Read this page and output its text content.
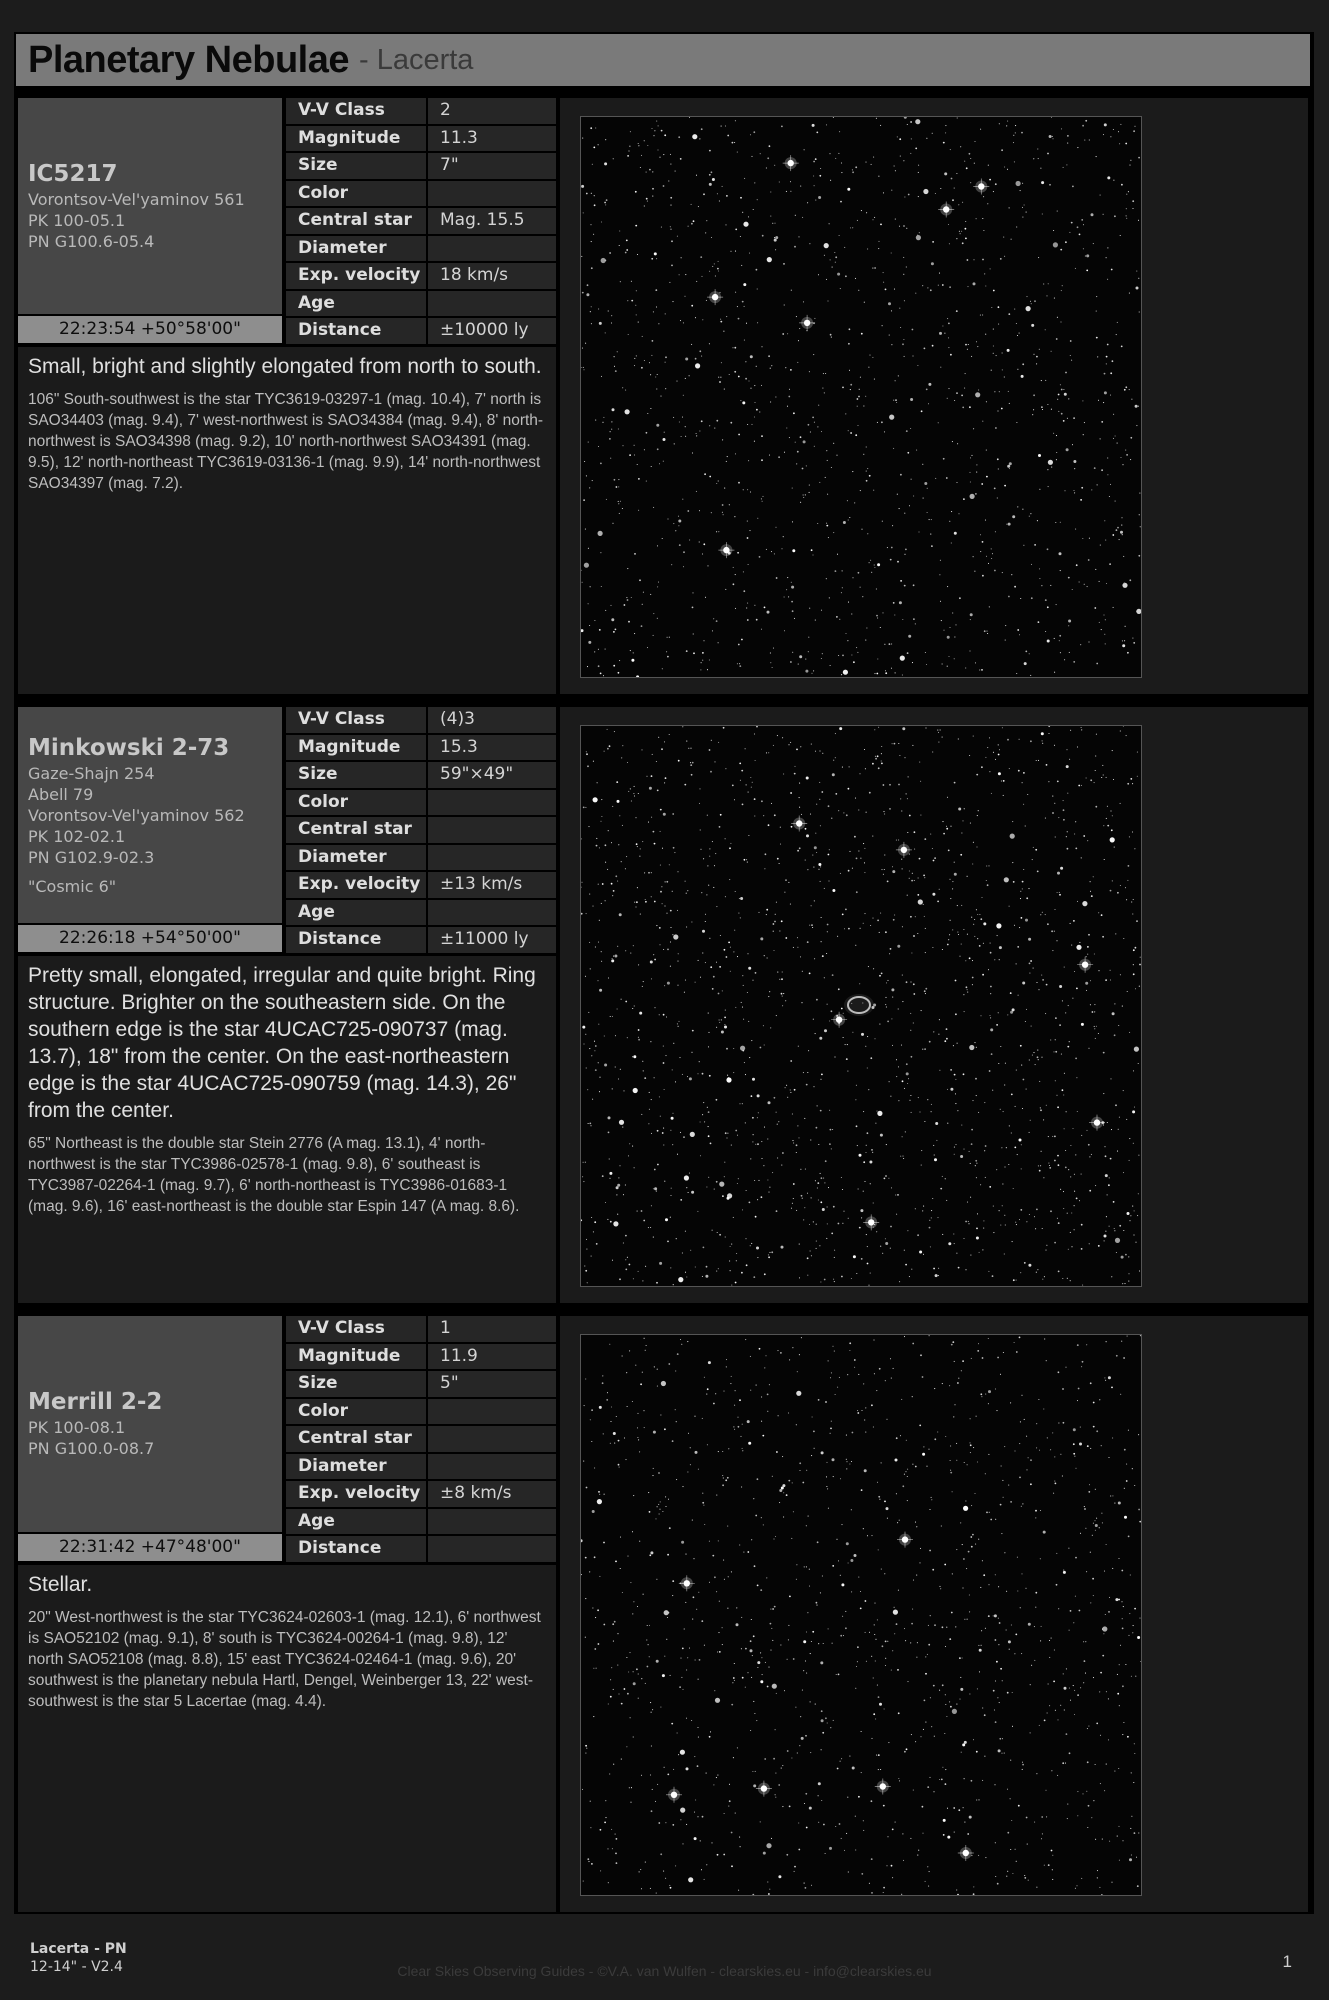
Planetary Nebulae - Lacerta
IC5217
Vorontsov-Vel'yaminov 561
PK 100-05.1
PN G100.6-05.4
22:23:54 +50°58'00"
V-V Class	2
Magnitude	11.3
Size	7"
Color
Central star	Mag. 15.5
Diameter
Exp. velocity	18 km/s
Age
Distance	±10000 ly

Small, bright and slightly elongated from north to south.

106" South-southwest is the star TYC3619-03297-1 (mag. 10.4), 7' north is SAO34403 (mag. 9.4), 7' west-northwest is SAO34384 (mag. 9.4), 8' north-northwest is SAO34398 (mag. 9.2), 10' north-northwest SAO34391 (mag. 9.5), 12' north-northeast TYC3619-03136-1 (mag. 9.9), 14' north-northwest SAO34397 (mag. 7.2).

Minkowski 2-73
Gaze-Shajn 254
Abell 79
Vorontsov-Vel'yaminov 562
PK 102-02.1
PN G102.9-02.3
"Cosmic 6"
22:26:18 +54°50'00"
V-V Class	(4)3
Magnitude	15.3
Size	59"×49"
Color
Central star
Diameter
Exp. velocity	±13 km/s
Age
Distance	±11000 ly

Pretty small, elongated, irregular and quite bright. Ring structure. Brighter on the southeastern side. On the southern edge is the star 4UCAC725-090737 (mag. 13.7), 18" from the center. On the east-northeastern edge is the star 4UCAC725-090759 (mag. 14.3), 26" from the center.

65" Northeast is the double star Stein 2776 (A mag. 13.1), 4' north-northwest is the star TYC3986-02578-1 (mag. 9.8), 6' southeast is TYC3987-02264-1 (mag. 9.7), 6' north-northeast is TYC3986-01683-1 (mag. 9.6), 16' east-northeast is the double star Espin 147 (A mag. 8.6).

Merrill 2-2
PK 100-08.1
PN G100.0-08.7
22:31:42 +47°48'00"
V-V Class	1
Magnitude	11.9
Size	5"
Color
Central star
Diameter
Exp. velocity	±8 km/s
Age
Distance

Stellar.

20" West-northwest is the star TYC3624-02603-1 (mag. 12.1), 6' northwest is SAO52102 (mag. 9.1), 8' south is TYC3624-00264-1 (mag. 9.8), 12' north SAO52108 (mag. 8.8), 15' east TYC3624-02464-1 (mag. 9.6), 20' southwest is the planetary nebula Hartl, Dengel, Weinberger 13, 22' west-southwest is the star 5 Lacertae (mag. 4.4).

Lacerta - PN
12-14" - V2.4	Clear Skies Observing Guides - ©V.A. van Wulfen - clearskies.eu - info@clearskies.eu	1
